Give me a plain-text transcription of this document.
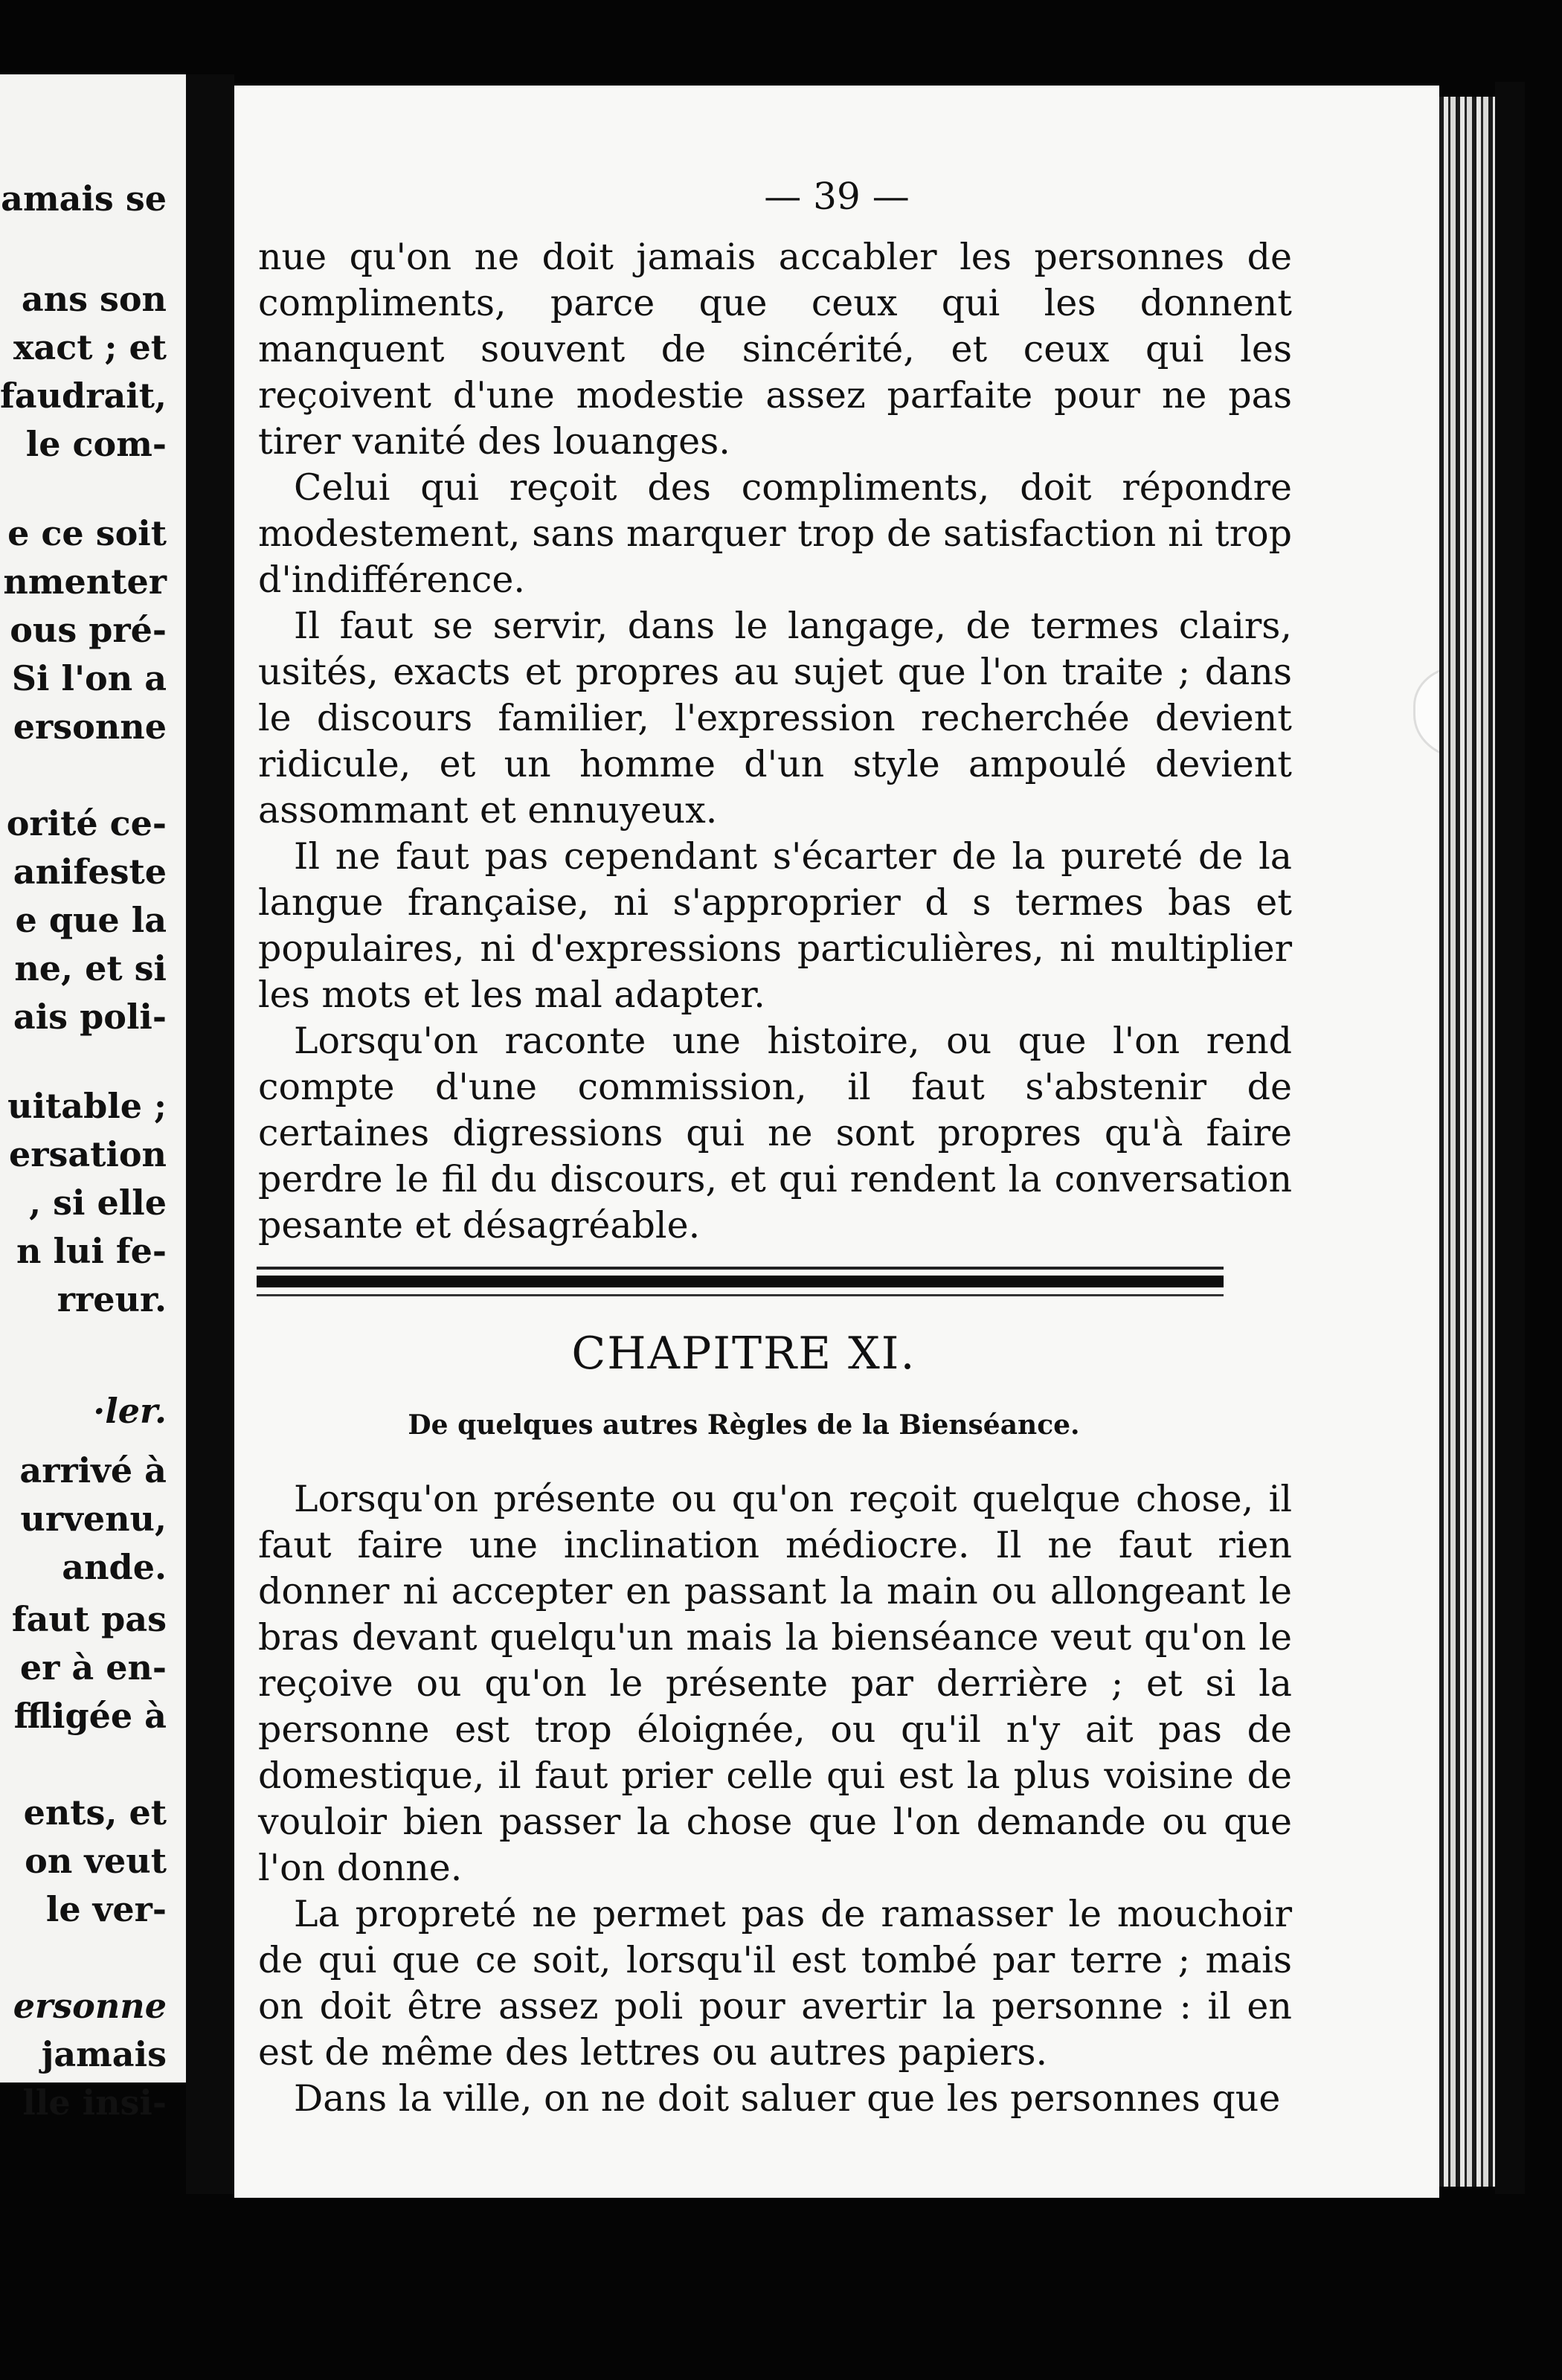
amais se
ans son
xact ; et
faudrait,
le com-
e ce soit
nmenter
ous pré-
Si l'on a
ersonne
orité ce-
anifeste
e que la
ne, et si
ais poli-
uitable ;
ersation
, si elle
n lui fe-
rreur.
·ler.
arrivé à
urvenu,
ande.
faut pas
er à en-
ffligée à
ents, et
on veut
le ver-
ersonne
jamais
lle insi-
— 39 —

nue qu'on ne doit jamais accabler les personnes de compliments, parce que ceux qui les donnent manquent souvent de sincérité, et ceux qui les reçoivent d'une modestie assez parfaite pour ne pas tirer vanité des louanges.

Celui qui reçoit des compliments, doit répondre modestement, sans marquer trop de satisfaction ni trop d'indifférence.

Il faut se servir, dans le langage, de termes clairs, usités, exacts et propres au sujet que l'on traite ; dans le discours familier, l'expression recherchée devient ridicule, et un homme d'un style ampoulé devient assommant et ennuyeux.

Il ne faut pas cependant s'écarter de la pureté de la langue française, ni s'approprier d s termes bas et populaires, ni d'expressions particulières, ni multiplier les mots et les mal adapter.

Lorsqu'on raconte une histoire, ou que l'on rend compte d'une commission, il faut s'abstenir de certaines digressions qui ne sont propres qu'à faire perdre le fil du discours, et qui rendent la conversation pesante et désagréable.

CHAPITRE XI.
De quelques autres Règles de la Bienséance.

Lorsqu'on présente ou qu'on reçoit quelque chose, il faut faire une inclination médiocre. Il ne faut rien donner ni accepter en passant la main ou allongeant le bras devant quelqu'un mais la bienséance veut qu'on le reçoive ou qu'on le présente par derrière ; et si la personne est trop éloignée, ou qu'il n'y ait pas de domestique, il faut prier celle qui est la plus voisine de vouloir bien passer la chose que l'on demande ou que l'on donne.

La propreté ne permet pas de ramasser le mouchoir de qui que ce soit, lorsqu'il est tombé par terre ; mais on doit être assez poli pour avertir la personne : il en est de même des lettres ou autres papiers.

Dans la ville, on ne doit saluer que les personnes que
